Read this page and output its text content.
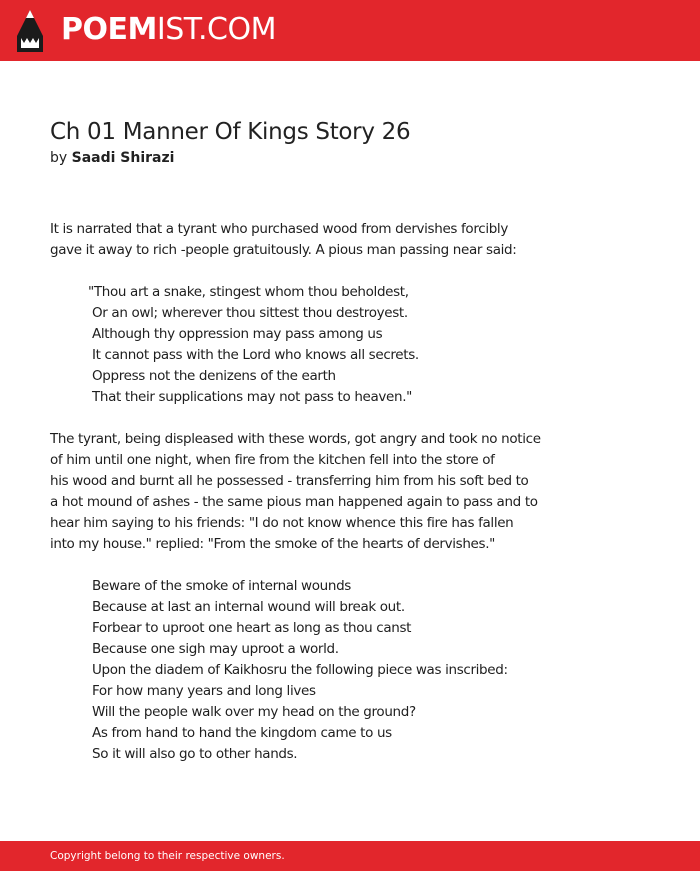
POEMIST.COM
Ch 01 Manner Of Kings Story 26
by Saadi Shirazi
It is narrated that a tyrant who purchased wood from dervishes forcibly
gave it away to rich -people gratuitously. A pious man passing near said:
"Thou art a snake, stingest whom thou beholdest,
Or an owl; wherever thou sittest thou destroyest.
Although thy oppression may pass among us
It cannot pass with the Lord who knows all secrets.
Oppress not the denizens of the earth
That their supplications may not pass to heaven."
The tyrant, being displeased with these words, got angry and took no notice
of him until one night, when fire from the kitchen fell into the store of
his wood and burnt all he possessed - transferring him from his soft bed to
a hot mound of ashes - the same pious man happened again to pass and to
hear him saying to his friends: "I do not know whence this fire has fallen
into my house." replied: "From the smoke of the hearts of dervishes."
Beware of the smoke of internal wounds
Because at last an internal wound will break out.
Forbear to uproot one heart as long as thou canst
Because one sigh may uproot a world.
Upon the diadem of Kaikhosru the following piece was inscribed:
For how many years and long lives
Will the people walk over my head on the ground?
As from hand to hand the kingdom came to us
So it will also go to other hands.
Copyright belong to their respective owners.
